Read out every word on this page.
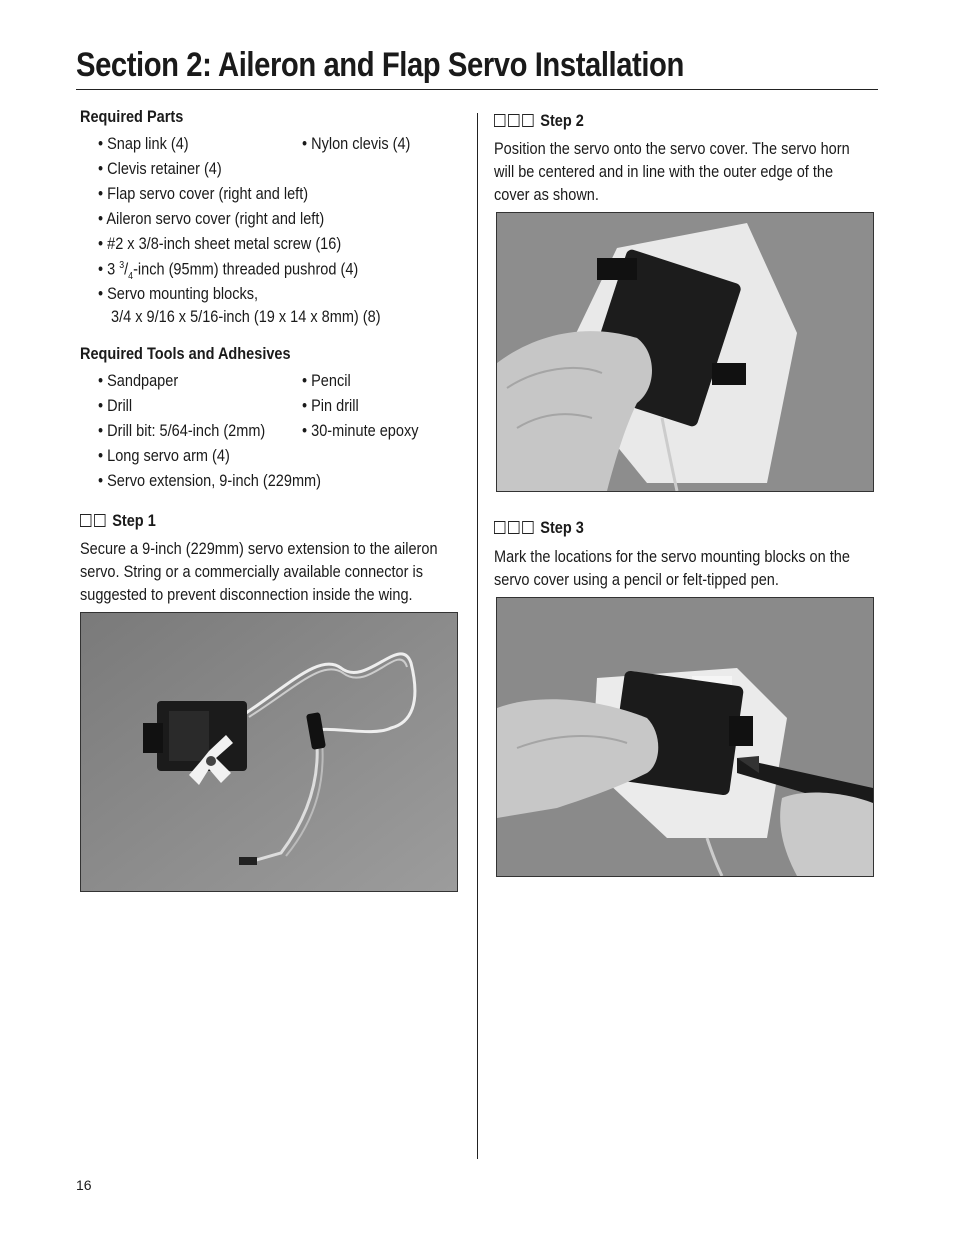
Section 2: Aileron and Flap Servo Installation
Required Parts
• Snap link (4)	• Nylon clevis (4)
• Clevis retainer (4)
• Flap servo cover (right and left)
• Aileron servo cover (right and left)
• #2 x 3/8-inch sheet metal screw (16)
• 3 $^3/_4$-inch (95mm) threaded pushrod (4)
• Servo mounting blocks,
3/4 x 9/16 x 5/16-inch (19 x 14 x 8mm) (8)
Required Tools and Adhesives
• Sandpaper	• Pencil
• Drill	• Pin drill
• Drill bit: 5/64-inch (2mm) • 30-minute epoxy
• Long servo arm (4)
• Servo extension, 9-inch (229mm)
Step 1
Secure a 9-inch (229mm) servo extension to the aileron servo. String or a commercially available connector is suggested to prevent disconnection inside the wing.
Step 2
Position the servo onto the servo cover. The servo horn will be centered and in line with the outer edge of the cover as shown.
Step 3
Mark the locations for the servo mounting blocks on the servo cover using a pencil or felt-tipped pen.
16
